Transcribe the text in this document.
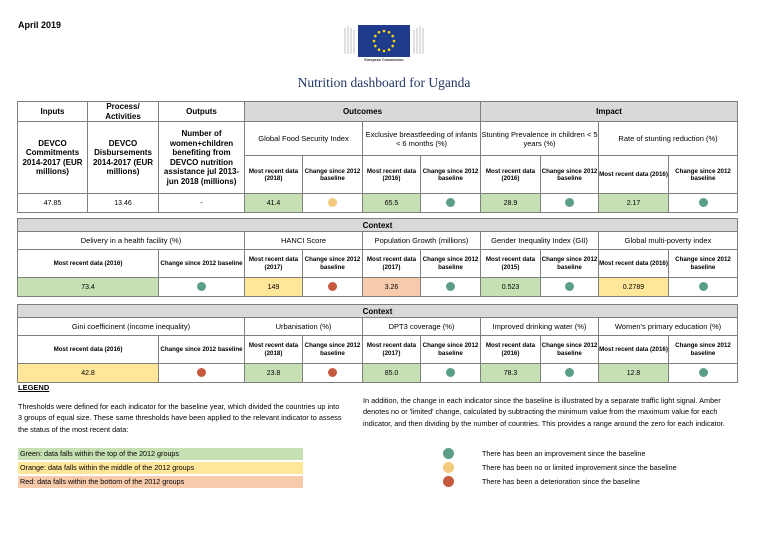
April 2019
European Commission
Nutrition dashboard for Uganda
Inputs	Process/ Activities	Outputs	Outcomes				Impact			
DEVCO Commitments 2014-2017 (EUR millions)	DEVCO Disbursements 2014-2017 (EUR millions)	Number of women+children benefiting from DEVCO nutrition assistance jul 2013-jun 2018 (millions)	Global Food Security Index		Exclusive breastfeeding of infants < 6 months (%)		Stunting Prevalence in children < 5 years (%)		Rate of stunting reduction (%)	
			Most recent data (2018)	Change since 2012 baseline	Most recent data (2016)	Change since 2012 baseline	Most recent data (2016)	Change since 2012 baseline	Most recent data (2016)	Change since 2012 baseline
47.85	13.46	-	41.4		65.5		28.9		2.17	
Context									
Delivery in a health facility (%)		HANCI Score		Population Growth (millions)		Gender Inequality Index (GII)		Global multi-poverty index	
Most recent data (2016)	Change since 2012 baseline	Most recent data (2017)	Change since 2012 baseline	Most recent data (2017)	Change since 2012 baseline	Most recent data (2015)	Change since 2012 baseline	Most recent data (2016)	Change since 2012 baseline
73.4		149		3.26		0.523		0.2789	
Context									
Gini coefficinent (income inequality)		Urbanisation (%)		DPT3 coverage (%)		Improved drinking water (%)		Women's primary education (%)	
Most recent data (2016)	Change since 2012 baseline	Most recent data (2018)	Change since 2012 baseline	Most recent data (2017)	Change since 2012 baseline	Most recent data (2016)	Change since 2012 baseline	Most recent data (2016)	Change since 2012 baseline
42.8		23.8		85.0		78.3		12.8	
LEGEND
Thresholds were defined for each indicator for the baseline year, which divided the countries up into 3 groups of equal size. These same thresholds have been applied to the relevant indicator to assess the status of the most recent data:
Green: data falls within the top of the 2012 groups
Orange: data falls within the middle of the 2012 groups
Red: data falls within the bottom of the 2012 groups
In addition, the change in each indicator since the baseline is illustrated by a separate traffic light signal. Amber denotes no or 'limited' change, calculated by subtracting the minimum value from the maximum value for each indicator, and then dividing by the number of countries. This provides a range around the zero for each indicator.
There has been an improvement since the baseline
There has been no or limited improvement since the baseline
There has been a deterioration since the baseline
